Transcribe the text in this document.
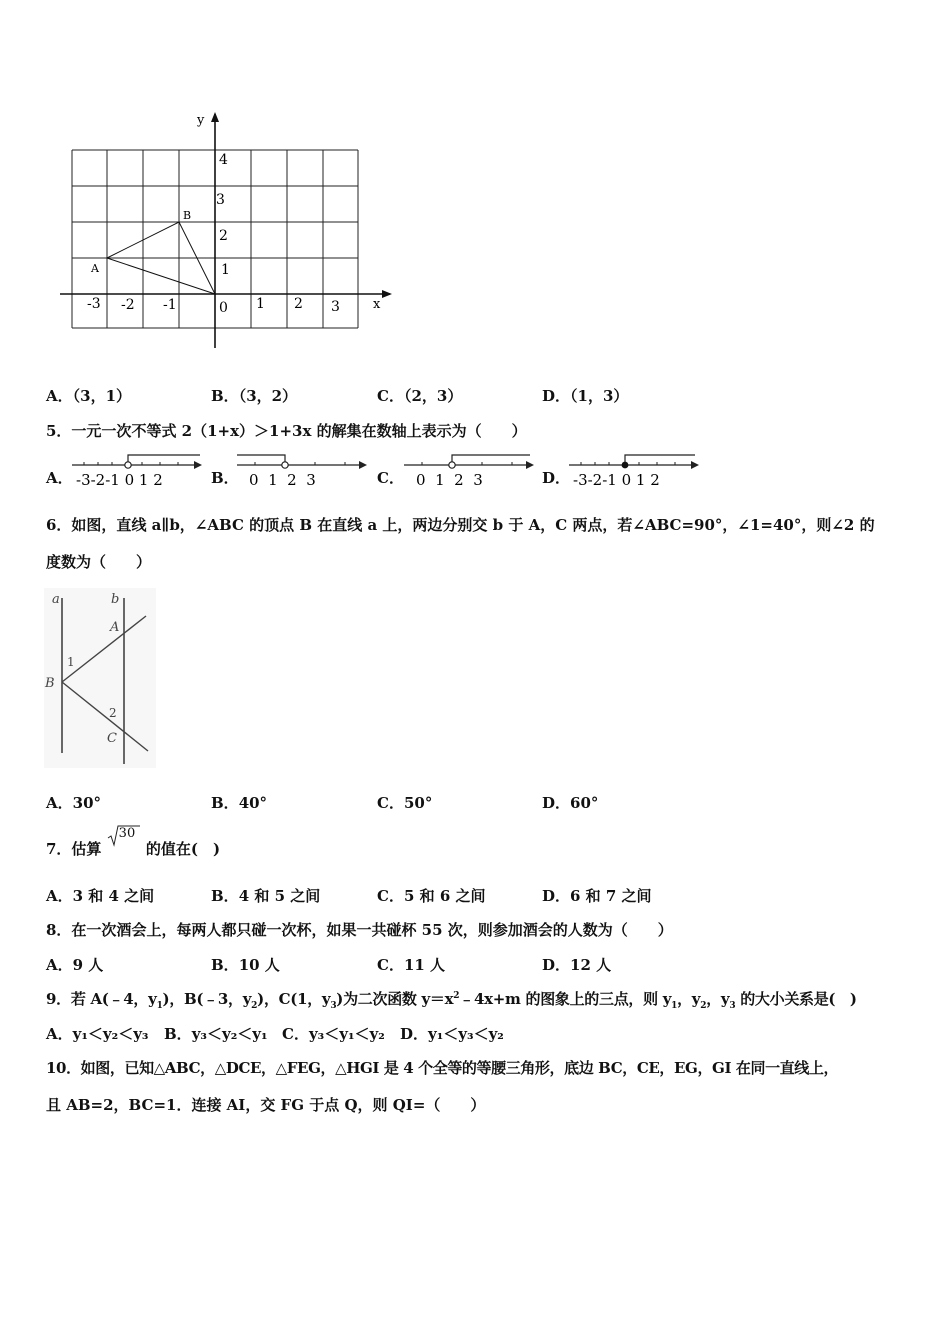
y
x
4
3
2
1
-3 -2 -1	0 1 2 3
A
B
A．（3，1）	B．（3，2）	C．（2，3）	D．（1，3）
5．一元一次不等式 2（1+x）＞1+3x 的解集在数轴上表示为（　　）
A． -3-2-1 0 1 2	B． 0  1  2  3	C． 0  1  2  3	D． -3-2-1 0 1 2
6．如图，直线 a∥b，∠ABC 的顶点 B 在直线 a 上，两边分别交 b 于 A，C 两点，若∠ABC=90°，∠1=40°，则∠2 的
度数为（　　）
a	b
A
B
C
1
2
A．30°	B．40°	C．50°	D．60°
7．估算
30
的值在(　)
A．3 和 4 之间	B．4 和 5 之间	C．5 和 6 之间	D．6 和 7 之间
8．在一次酒会上，每两人都只碰一次杯，如果一共碰杯 55 次，则参加酒会的人数为（　　）
A．9 人	B．10 人	C．11 人	D．12 人
9．若 A(﹣4，$y_1$)，B(﹣3，$y_2$)，C(1，$y_3$)为二次函数 $y=x^2﹣4x+m$ 的图象上的三点，则 $y_1$，$y_2$，$y_3$ 的大小关系是(　)
A．y₁＜y₂＜y₃ B．y₃＜y₂＜y₁ C．y₃＜y₁＜y₂ D．y₁＜y₃＜y₂
10．如图，已知△ABC，△DCE，△FEG，△HGI 是 4 个全等的等腰三角形，底边 BC，CE，EG，GI 在同一直线上，
且 AB=2，BC=1．连接 AI，交 FG 于点 Q，则 QI=（　　）
